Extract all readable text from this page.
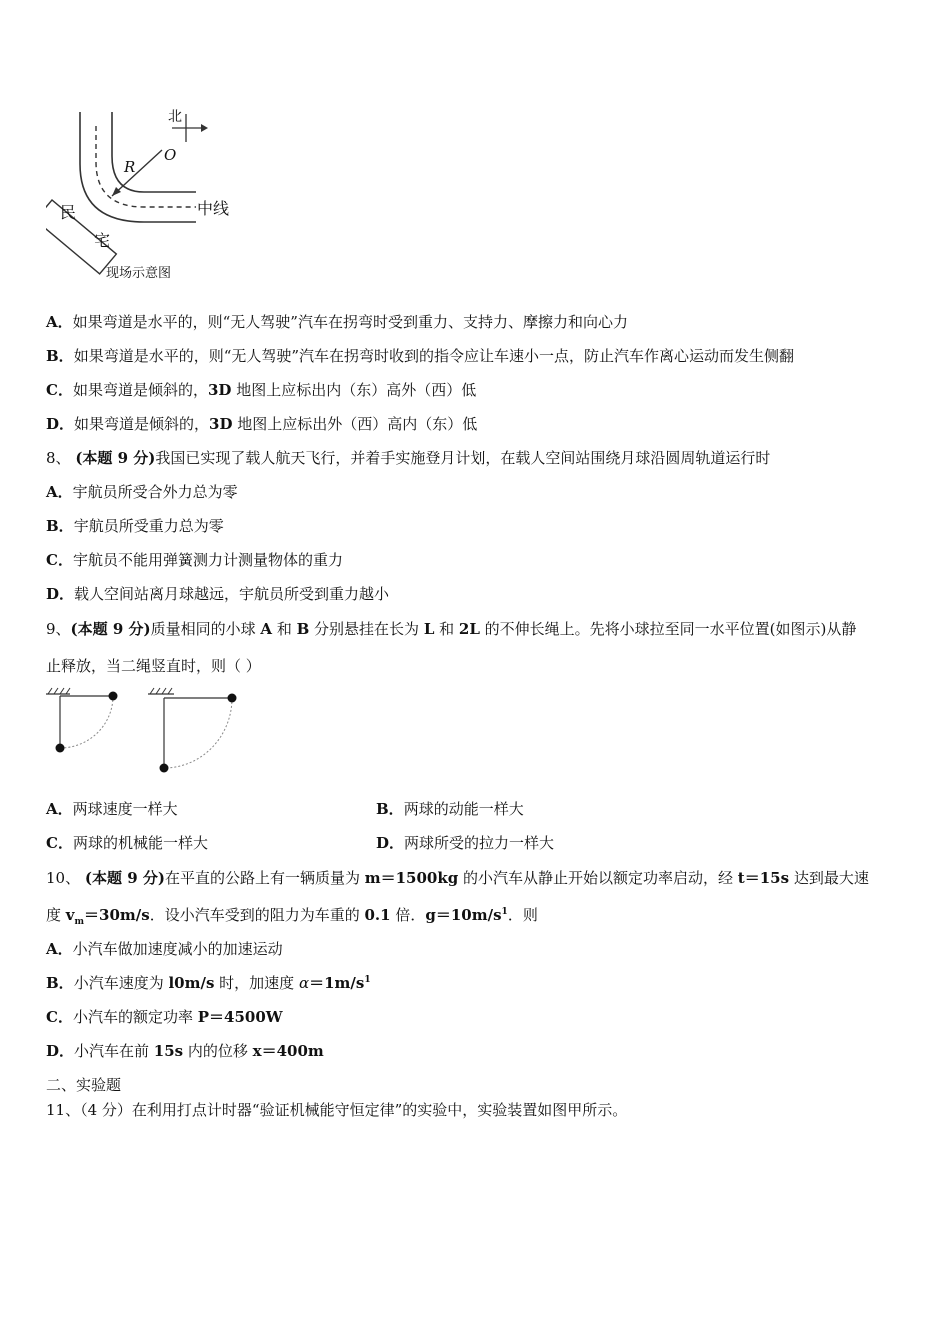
北
O
R
中线
民
宅
现场示意图
A．如果弯道是水平的，则“无人驾驶”汽车在拐弯时受到重力、支持力、摩擦力和向心力
B．如果弯道是水平的，则“无人驾驶”汽车在拐弯时收到的指令应让车速小一点，防止汽车作离心运动而发生侧翻
C．如果弯道是倾斜的，3D 地图上应标出内（东）高外（西）低
D．如果弯道是倾斜的，3D 地图上应标出外（西）高内（东）低
8、 (本题 9 分)我国已实现了载人航天飞行，并着手实施登月计划，在载人空间站围绕月球沿圆周轨道运行时
A．宇航员所受合外力总为零
B．宇航员所受重力总为零
C．宇航员不能用弹簧测力计测量物体的重力
D．载人空间站离月球越远，宇航员所受到重力越小
9、(本题 9 分)质量相同的小球 A 和 B 分别悬挂在长为 L 和 2L 的不伸长绳上。先将小球拉至同一水平位置(如图示)从静
止释放，当二绳竖直时，则（ ）
A．两球速度一样大	B．两球的动能一样大
C．两球的机械能一样大	D．两球所受的拉力一样大
10、 (本题 9 分)在平直的公路上有一辆质量为 m＝1500kg 的小汽车从静止开始以额定功率启动，经 t＝15s 达到最大速
度 $v_m=30m/s$．设小汽车受到的阻力为车重的 0.1 倍．$g=10m/s^1$．则
A．小汽车做加速度减小的加速运动
B．小汽车速度为 l0m/s 时，加速度 $\alpha=1m/s^1$
C．小汽车的额定功率 P＝4500W
D．小汽车在前 15s 内的位移 x＝400m
二、实验题
11、（4 分）在利用打点计时器“验证机械能守恒定律”的实验中，实验装置如图甲所示。
